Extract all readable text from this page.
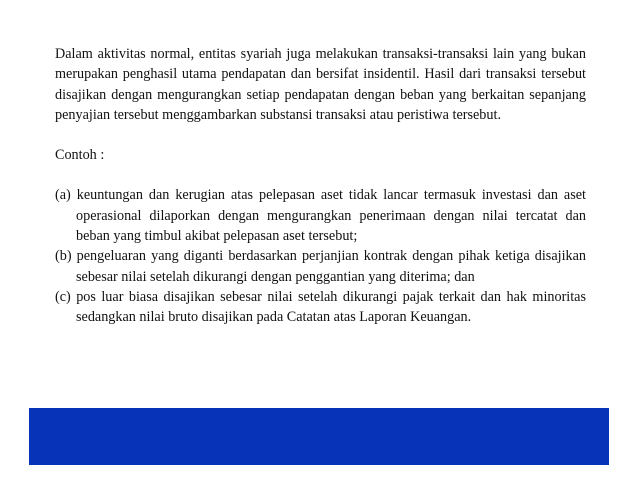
Dalam aktivitas normal, entitas syariah juga melakukan transaksi-transaksi lain yang bukan merupakan penghasil utama pendapatan dan bersifat insidentil. Hasil dari transaksi tersebut disajikan dengan mengurangkan setiap pendapatan dengan beban yang berkaitan sepanjang penyajian tersebut menggambarkan substansi transaksi atau peristiwa tersebut.

Contoh :

(a) keuntungan dan kerugian atas pelepasan aset tidak lancar termasuk investasi dan aset operasional dilaporkan dengan mengurangkan penerimaan dengan nilai tercatat dan beban yang timbul akibat pelepasan aset tersebut;
(b) pengeluaran yang diganti berdasarkan perjanjian kontrak dengan pihak ketiga disajikan sebesar nilai setelah dikurangi dengan penggantian yang diterima; dan
(c) pos luar biasa disajikan sebesar nilai setelah dikurangi pajak terkait dan hak minoritas sedangkan nilai bruto disajikan pada Catatan atas Laporan Keuangan.
